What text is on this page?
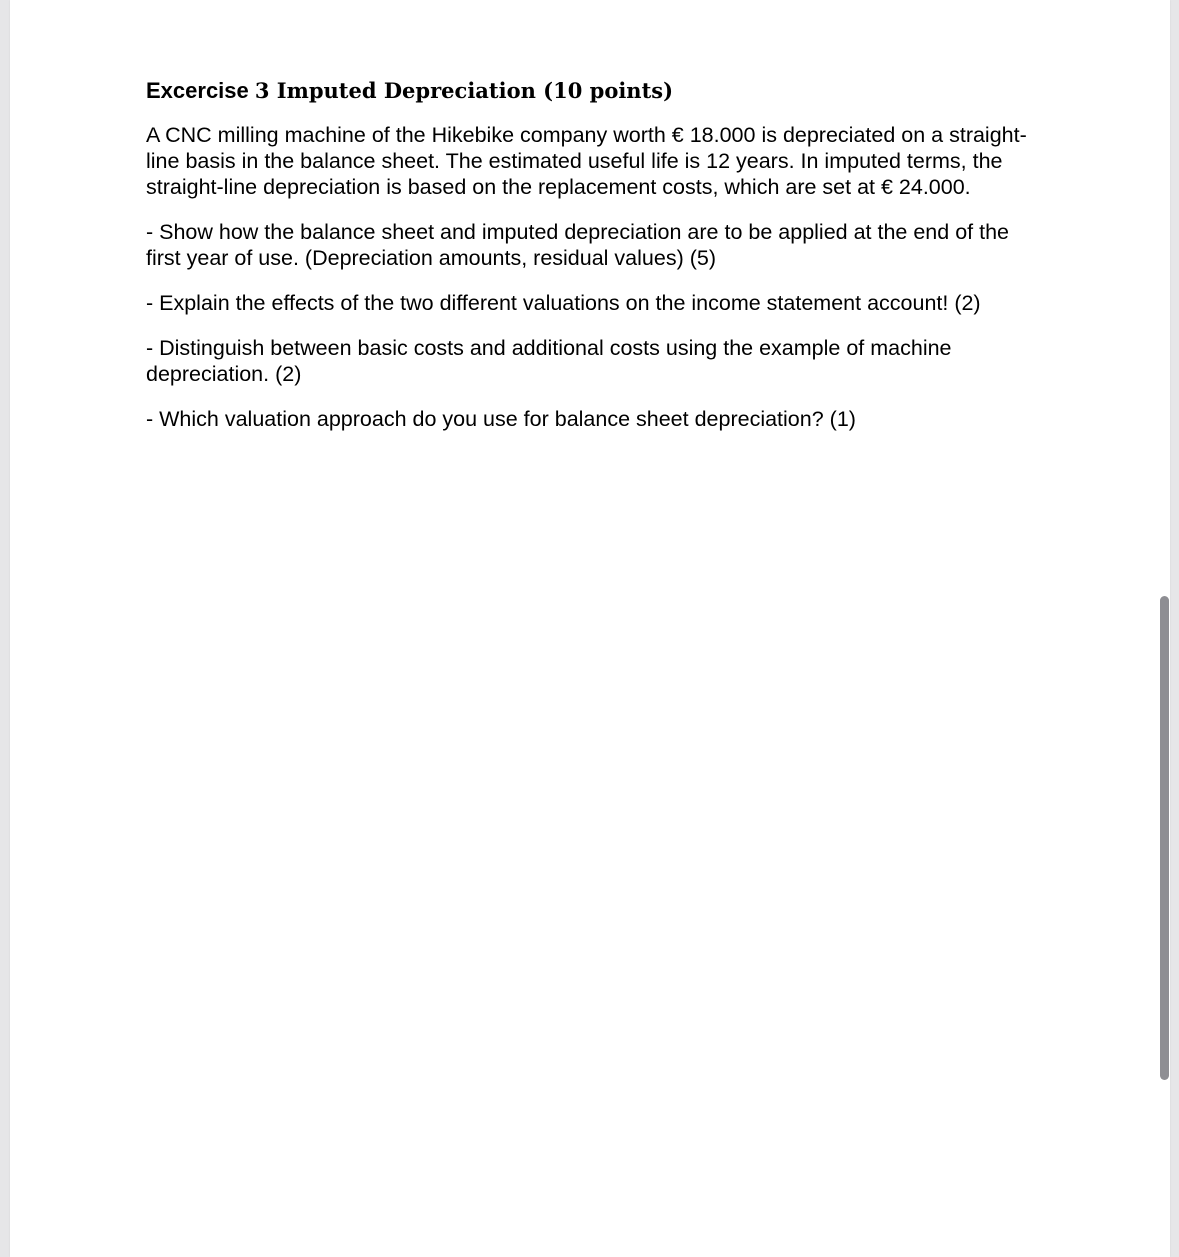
Excercise 3 Imputed Depreciation (10 points)
A CNC milling machine of the Hikebike company worth € 18.000 is depreciated on a straight-line basis in the balance sheet. The estimated useful life is 12 years. In imputed terms, the straight-line depreciation is based on the replacement costs, which are set at € 24.000.
- Show how the balance sheet and imputed depreciation are to be applied at the end of the first year of use. (Depreciation amounts, residual values) (5)
- Explain the effects of the two different valuations on the income statement account! (2)
- Distinguish between basic costs and additional costs using the example of machine depreciation. (2)
- Which valuation approach do you use for balance sheet depreciation? (1)
